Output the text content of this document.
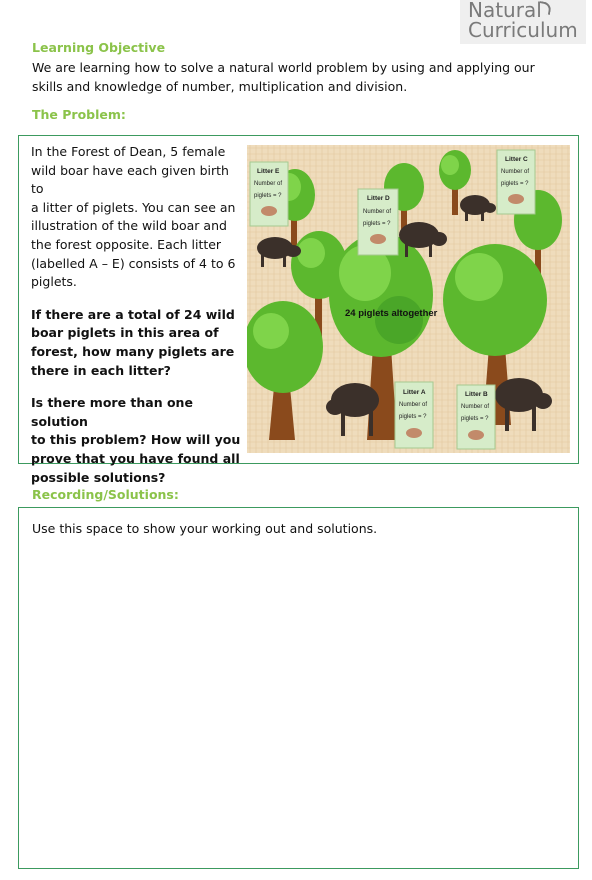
Natural
Curriculum
Learning Objective
We are learning how to solve a natural world problem by using and applying our
skills and knowledge of number, multiplication and division.
The Problem:

In the Forest of Dean, 5 female

wild boar have each given birth to

a litter of piglets. You can see an

illustration of the wild boar and

the forest opposite. Each litter

(labelled A – E) consists of 4 to 6

piglets.

If there are a total of 24 wild

boar piglets in this area of

forest, how many piglets are

there in each litter?

Is there more than one solution

to this problem? How will you

prove that you have found all

possible solutions?

Litter E
Number of
piglets = ?	Litter D
Number of
piglets = ?
Litter C
Number of
piglets = ?
Litter A
Number of
piglets = ?
Litter B
Number of
piglets = ?
24 piglets altogether
Recording/Solutions:
Use this space to show your working out and solutions.
